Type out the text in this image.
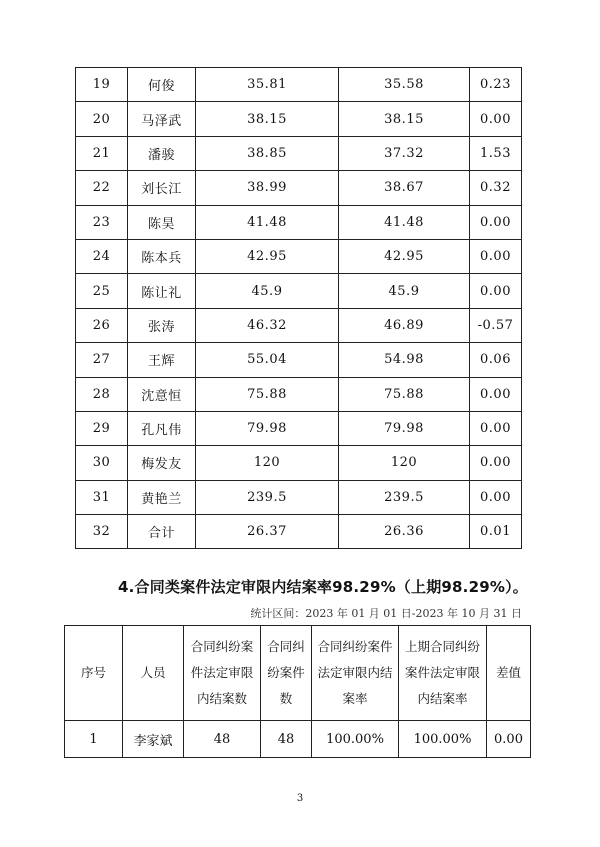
19	何俊	35.81	35.58	0.23
20	马泽武	38.15	38.15	0.00
21	潘骏	38.85	37.32	1.53
22	刘长江	38.99	38.67	0.32
23	陈昊	41.48	41.48	0.00
24	陈本兵	42.95	42.95	0.00
25	陈让礼	45.9	45.9	0.00
26	张涛	46.32	46.89	-0.57
27	王辉	55.04	54.98	0.06
28	沈意恒	75.88	75.88	0.00
29	孔凡伟	79.98	79.98	0.00
30	梅发友	120	120	0.00
31	黄艳兰	239.5	239.5	0.00
32	合计	26.37	26.36	0.01
4.合同类案件法定审限内结案率98.29%（上期98.29%）。
统计区间：2023 年 01 月 01 日-2023 年 10 月 31 日
序号	人员	合同纠纷案件法定审限内结案数	合同纠纷案件数	合同纠纷案件法定审限内结案率	上期合同纠纷案件法定审限内结案率	差值
1	李家斌	48	48	100.00%	100.00%	0.00
3
